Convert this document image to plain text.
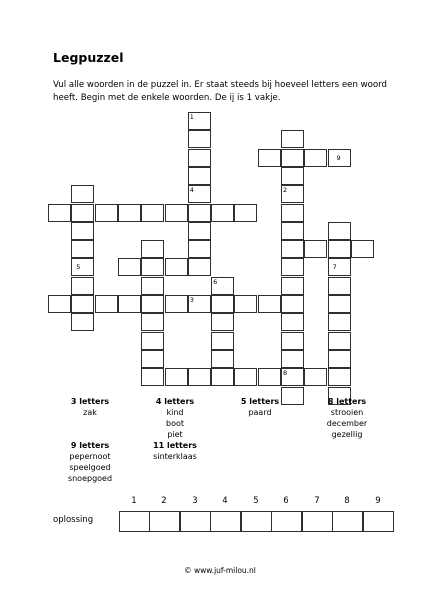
Legpuzzel
Vul alle woorden in de puzzel in. Er staat steeds bij hoeveel letters een woord heeft. Begin met de enkele woorden. De ij is 1 vakje.
1
4	2
8
5
6
7
9
3
3 letters
zak
4 letters
kind
boot
piet
5 letters
paard
8 letters
strooien
december
gezellig
9 letters
pepernoot
speelgoed
snoepgoed
11 letters
sinterklaas
1	2	3	4	5	6	7	8	9
oplossing
© www.juf-milou.nl
